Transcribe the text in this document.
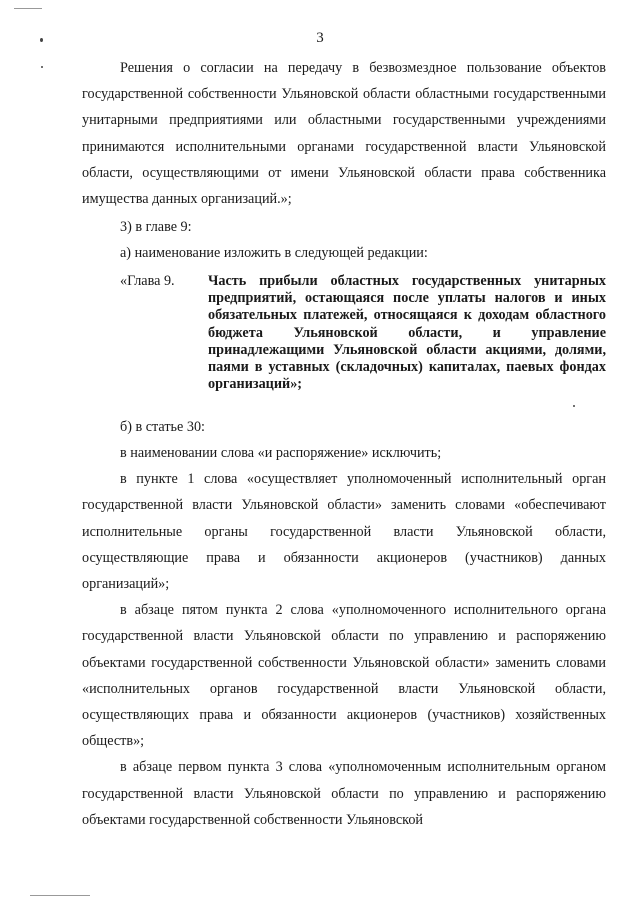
3

Решения о согласии на передачу в безвозмездное пользование объектов государственной собственности Ульяновской области областными государственными унитарными предприятиями или областными государственными учреждениями принимаются исполнительными органами государственной власти Ульяновской области, осуществляющими от имени Ульяновской области права собственника имущества данных организаций.»;

3) в главе 9:

а) наименование изложить в следующей редакции:

«Глава 9.	Часть прибыли областных государственных унитарных предприятий, остающаяся после уплаты налогов и иных обязательных платежей, относящаяся к доходам областного бюджета Ульяновской области, и управление принадлежащими Ульяновской области акциями, долями, паями в уставных (складочных) капиталах, паевых фондах организаций»;

б) в статье 30:

в наименовании слова «и распоряжение» исключить;

в пункте 1 слова «осуществляет уполномоченный исполнительный орган государственной власти Ульяновской области» заменить словами «обеспечивают исполнительные органы государственной власти Ульяновской области, осуществляющие права и обязанности акционеров (участников) данных организаций»;

в абзаце пятом пункта 2 слова «уполномоченного исполнительного органа государственной власти Ульяновской области по управлению и распоряжению объектами государственной собственности Ульяновской области» заменить словами «исполнительных органов государственной власти Ульяновской области, осуществляющих права и обязанности акционеров (участников) хозяйственных обществ»;

в абзаце первом пункта 3 слова «уполномоченным исполнительным органом государственной власти Ульяновской области по управлению и распоряжению объектами государственной собственности Ульяновской
